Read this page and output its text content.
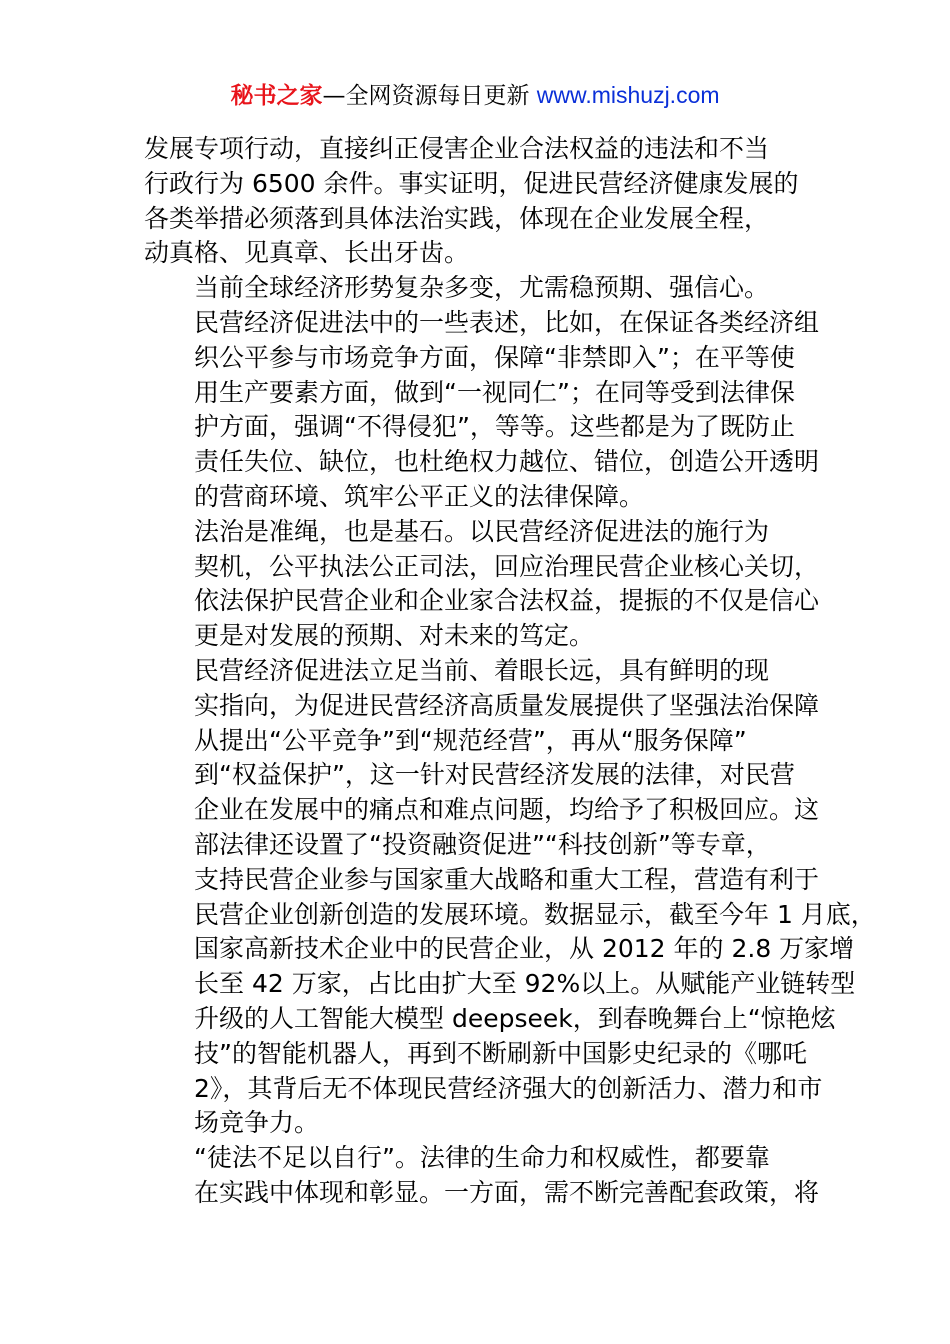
秘书之家—全网资源每日更新 www.mishuzj.com

发展专项行动，直接纠正侵害企业合法权益的违法和不当
行政行为 6500 余件。事实证明，促进民营经济健康发展的
各类举措必须落到具体法治实践，体现在企业发展全程，
动真格、见真章、长出牙齿。

当前全球经济形势复杂多变，尤需稳预期、强信心。
民营经济促进法中的一些表述，比如，在保证各类经济组
织公平参与市场竞争方面，保障“非禁即入”；在平等使
用生产要素方面，做到“一视同仁”；在同等受到法律保
护方面，强调“不得侵犯”，等等。这些都是为了既防止
责任失位、缺位，也杜绝权力越位、错位，创造公开透明
的营商环境、筑牢公平正义的法律保障。

法治是准绳，也是基石。以民营经济促进法的施行为
契机，公平执法公正司法，回应治理民营企业核心关切，
依法保护民营企业和企业家合法权益，提振的不仅是信心
更是对发展的预期、对未来的笃定。

民营经济促进法立足当前、着眼长远，具有鲜明的现
实指向，为促进民营经济高质量发展提供了坚强法治保障
从提出“公平竞争”到“规范经营”，再从“服务保障”
到“权益保护”，这一针对民营经济发展的法律，对民营
企业在发展中的痛点和难点问题，均给予了积极回应。这
部法律还设置了“投资融资促进”“科技创新”等专章，
支持民营企业参与国家重大战略和重大工程，营造有利于
民营企业创新创造的发展环境。数据显示，截至今年 1 月底，
国家高新技术企业中的民营企业，从 2012 年的 2.8 万家增
长至 42 万家，占比由扩大至 92%以上。从赋能产业链转型
升级的人工智能大模型 deepseek，到春晚舞台上“惊艳炫
技”的智能机器人，再到不断刷新中国影史纪录的《哪吒
2》，其背后无不体现民营经济强大的创新活力、潜力和市
场竞争力。

“徒法不足以自行”。法律的生命力和权威性，都要靠
在实践中体现和彰显。一方面，需不断完善配套政策，将
